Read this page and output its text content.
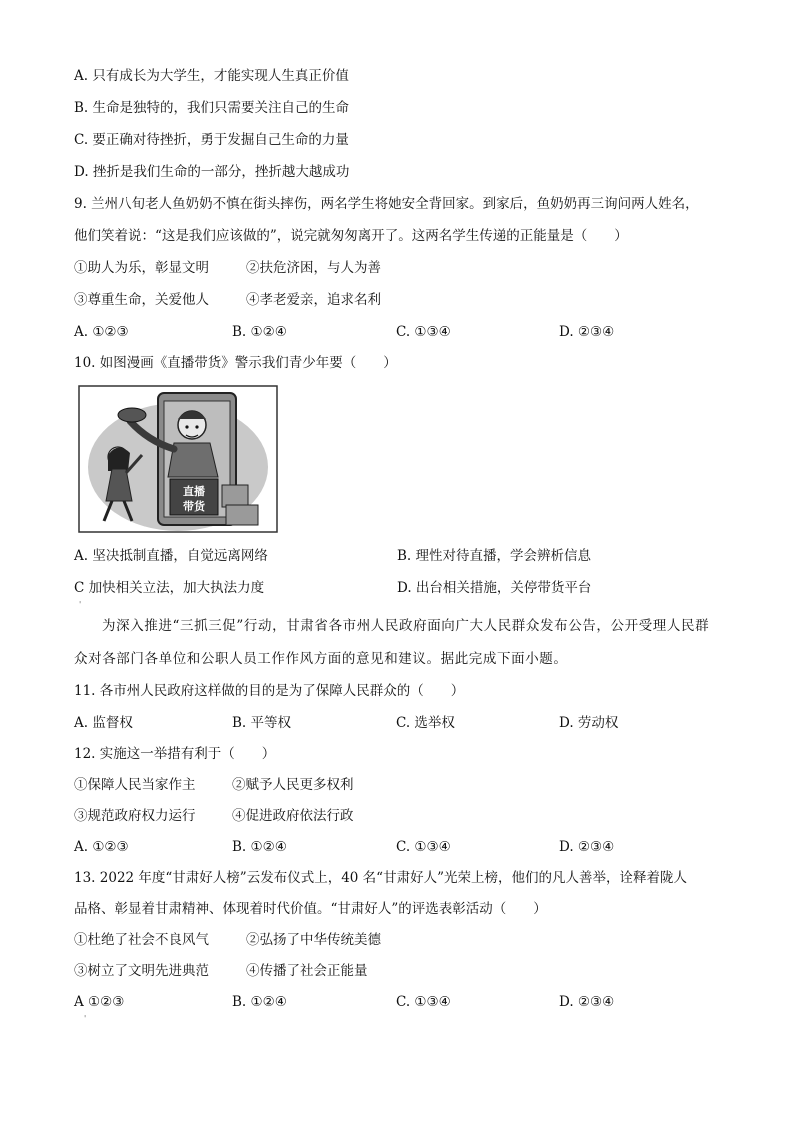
A. 只有成长为大学生，才能实现人生真正价值
B. 生命是独特的，我们只需要关注自己的生命
C. 要正确对待挫折，勇于发掘自己生命的力量
D. 挫折是我们生命的一部分，挫折越大越成功
9. 兰州八旬老人鱼奶奶不慎在街头摔伤，两名学生将她安全背回家。到家后，鱼奶奶再三询问两人姓名，
他们笑着说：“这是我们应该做的”，说完就匆匆离开了。这两名学生传递的正能量是（　　）
①助人为乐，彰显文明	②扶危济困，与人为善
③尊重生命，关爱他人	④孝老爱亲，追求名利
A. ①②③	B. ①②④	C. ①③④	D. ②③④
10. 如图漫画《直播带货》警示我们青少年要（　　）
直播
带货
A. 坚决抵制直播，自觉远离网络	B. 理性对待直播，学会辨析信息
C 加快相关立法，加大执法力度	D. 出台相关措施，关停带货平台
'

为深入推进“三抓三促”行动，甘肃省各市州人民政府面向广大人民群众发布公告，公开受理人民群

众对各部门各单位和公职人员工作作风方面的意见和建议。据此完成下面小题。

11. 各市州人民政府这样做的目的是为了保障人民群众的（　　）
A. 监督权	B. 平等权	C. 选举权	D. 劳动权
12. 实施这一举措有利于（　　）
①保障人民当家作主	②赋予人民更多权利
③规范政府权力运行	④促进政府依法行政
A. ①②③	B. ①②④	C. ①③④	D. ②③④
13. 2022 年度“甘肃好人榜”云发布仪式上，40 名“甘肃好人”光荣上榜，他们的凡人善举，诠释着陇人
品格、彰显着甘肃精神、体现着时代价值。“甘肃好人”的评选表彰活动（　　）
①杜绝了社会不良风气	②弘扬了中华传统美德
③树立了文明先进典范	④传播了社会正能量
A ①②③	B. ①②④	C. ①③④	D. ②③④
'
